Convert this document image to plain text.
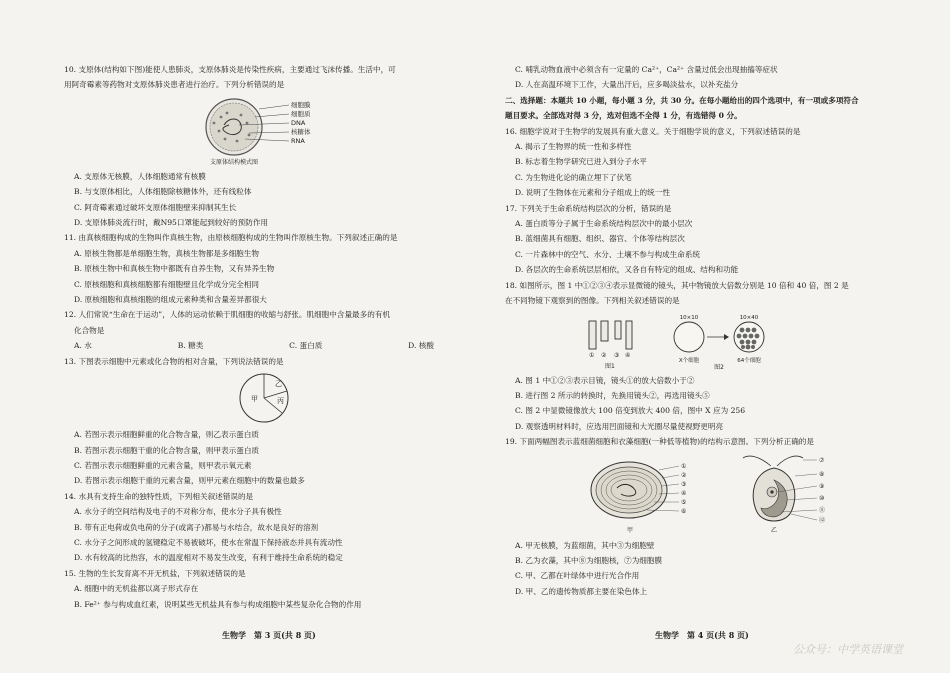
10. 支原体(结构如下图)能使人患肺炎，支原体肺炎是传染性疾病，主要通过飞沫传播。生活中，可
用阿奇霉素等药物对支原体肺炎患者进行治疗。下列分析错误的是
细胞膜
细胞质
DNA
核糖体
RNA
支原体结构模式图
A. 支原体无核膜，人体细胞通常有核膜
B. 与支原体相比，人体细胞除核糖体外，还有线粒体
C. 阿奇霉素通过破坏支原体细胞壁来抑制其生长
D. 支原体肺炎流行时，戴N95口罩能起到较好的预防作用
11. 由真核细胞构成的生物叫作真核生物，由原核细胞构成的生物叫作原核生物。下列叙述正确的是
A. 原核生物都是单细胞生物，真核生物都是多细胞生物
B. 原核生物中和真核生物中都既有自养生物，又有异养生物
C. 原核细胞和真核细胞都有细胞壁且化学成分完全相同
D. 原核细胞和真核细胞的组成元素种类和含量差异都很大
12. 人们常说“生命在于运动”，人体的运动依赖于肌细胞的收缩与舒张。肌细胞中含量最多的有机
化合物是
A. 水	B. 糖类	C. 蛋白质	D. 核酸
13. 下图表示细胞中元素或化合物的相对含量，下列说法错误的是
甲
乙
丙
A. 若图示表示细胞鲜重的化合物含量，则乙表示蛋白质
B. 若图示表示细胞干重的化合物含量，则甲表示蛋白质
C. 若图示表示细胞鲜重的元素含量，则甲表示氧元素
D. 若图示表示细胞干重的元素含量，则甲元素在细胞中的数量也最多
14. 水具有支持生命的独特性质，下列相关叙述错误的是
A. 水分子的空间结构及电子的不对称分布，使水分子具有极性
B. 带有正电荷或负电荷的分子(或离子)都易与水结合，故水是良好的溶剂
C. 水分子之间形成的氢键稳定不易被破坏，使水在常温下保持液态并具有流动性
D. 水有较高的比热容，水的温度相对不易发生改变，有利于维持生命系统的稳定
15. 生物的生长发育离不开无机盐，下列叙述错误的是
A. 细胞中的无机盐都以离子形式存在
B. Fe²⁺ 参与构成血红素，说明某些无机盐具有参与构成细胞中某些复杂化合物的作用
C. 哺乳动物血液中必须含有一定量的 Ca²⁺，Ca²⁺ 含量过低会出现抽搐等症状
D. 人在高温环境下工作，大量出汗后，应多喝淡盐水，以补充盐分
二、选择题：本题共 10 小题，每小题 3 分，共 30 分。在每小题给出的四个选项中，有一项或多项符合
题目要求。全部选对得 3 分，选对但选不全得 1 分，有选错得 0 分。
16. 细胞学说对于生物学的发展具有重大意义。关于细胞学说的意义，下列叙述错误的是
A. 揭示了生物界的统一性和多样性
B. 标志着生物学研究已进入到分子水平
C. 为生物进化论的确立埋下了伏笔
D. 说明了生物体在元素和分子组成上的统一性
17. 下列关于生命系统结构层次的分析，错误的是
A. 蛋白质等分子属于生命系统结构层次中的最小层次
B. 蓝细菌具有细胞、组织、器官、个体等结构层次
C. 一片森林中的空气、水分、土壤不参与构成生命系统
D. 各层次的生命系统层层相依，又各自有特定的组成、结构和功能
18. 如图所示，图 1 中①②③④表示显微镜的镜头，其中物镜放大倍数分别是 10 倍和 40 倍，图 2 是
在不同物镜下观察到的图像。下列相关叙述错误的是
① ② ③ ④
图1
10×10
X个细胞
10×40
64个细胞
图2
A. 图 1 中①②③表示目镜，镜头①的放大倍数小于②
B. 进行图 2 所示的转换时，先换用镜头②，再选用镜头⑤
C. 图 2 中显微镜像放大 100 倍变到放大 400 倍，图中 X 应为 256
D. 观察透明材料时，应选用凹面镜和大光圈尽量使视野更明亮
19. 下面两幅图表示蓝细菌细胞和衣藻细胞(一种低等植物)的结构示意图。下列分析正确的是
①
②
③
④
⑤
⑥
甲
⑦
⑧
⑨
⑩
⑪
⑫
乙
A. 甲无核膜，为蓝细菌，其中③为细胞壁
B. 乙为衣藻，其中⑧为细胞核，⑦为细胞膜
C. 甲、乙都在叶绿体中进行光合作用
D. 甲、乙的遗传物质都主要在染色体上
生物学　第 3 页(共 8 页)	生物学　第 4 页(共 8 页)
公众号：中学英语课堂
